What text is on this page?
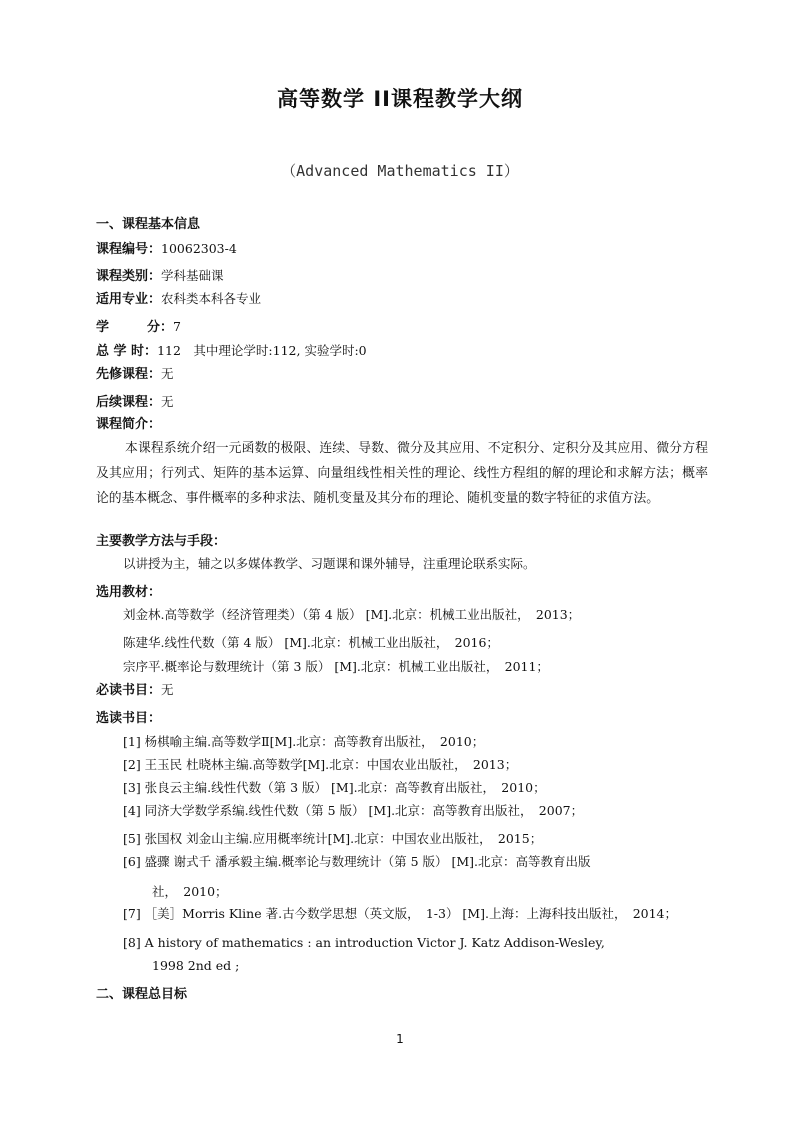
高等数学 II课程教学大纲
（Advanced Mathematics II）
一、课程基本信息
课程编号：10062303-4
课程类别：学科基础课
适用专业：农科类本科各专业
学	分：7
总 学 时：112　其中理论学时:112, 实验学时:0
先修课程：无
后续课程：无
课程简介：
本课程系统介绍一元函数的极限、连续、导数、微分及其应用、不定积分、定积分及其应用、微分方程及其应用；行列式、矩阵的基本运算、向量组线性相关性的理论、线性方程组的解的理论和求解方法；概率论的基本概念、事件概率的多种求法、随机变量及其分布的理论、随机变量的数字特征的求值方法。
主要教学方法与手段：
以讲授为主，辅之以多媒体教学、习题课和课外辅导，注重理论联系实际。
选用教材：
刘金林.高等数学（经济管理类）（第 4 版） [M].北京：机械工业出版社，　2013；
陈建华.线性代数（第 4 版） [M].北京：机械工业出版社，　2016；
宗序平.概率论与数理统计（第 3 版） [M].北京：机械工业出版社，　2011；
必读书目：无
选读书目：
[1] 杨棋喻主编.高等数学Ⅱ[M].北京：高等教育出版社，　2010；
[2] 王玉民 杜晓林主编.高等数学[M].北京：中国农业出版社，　2013；
[3] 张良云主编.线性代数（第 3 版） [M].北京：高等教育出版社，　2010；
[4] 同济大学数学系编.线性代数（第 5 版） [M].北京：高等教育出版社，　2007；
[5] 张国权 刘金山主编.应用概率统计[M].北京：中国农业出版社，　2015；
[6] 盛骤 谢式千 潘承毅主编.概率论与数理统计（第 5 版） [M].北京：高等教育出版
社，　2010；
[7] ［美］Morris Kline 著.古今数学思想（英文版，　1-3） [M].上海：上海科技出版社，　2014；
[8] A history of mathematics : an introduction Victor J. Katz Addison-Wesley,
1998 2nd ed ;
二、课程总目标
1
